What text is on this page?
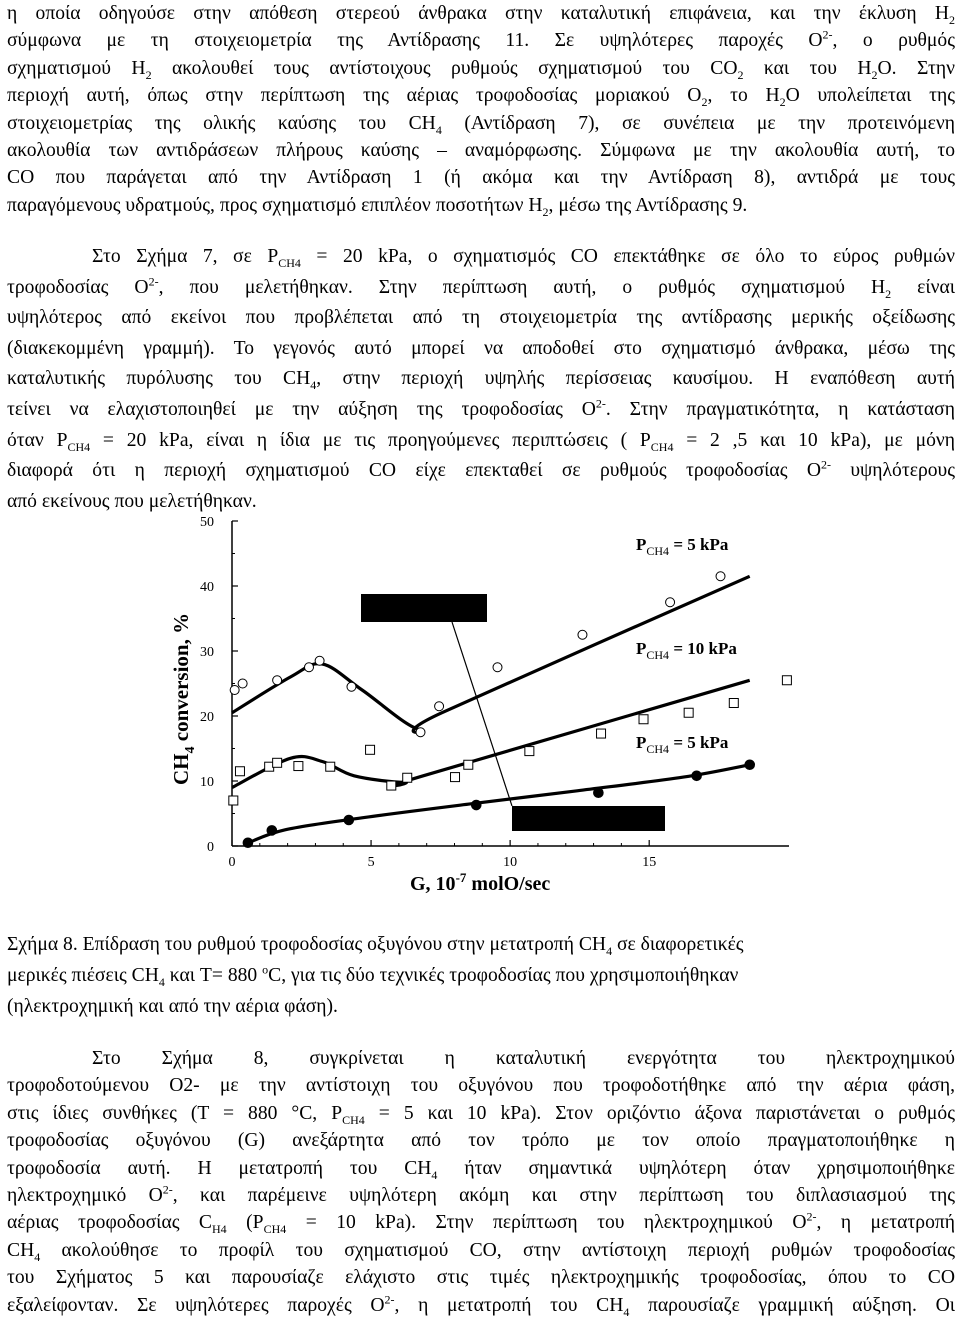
η οποία οδηγούσε στην απόθεση στερεού άνθρακα στην καταλυτική επιφάνεια, και την έκλυση $H_2$
σύμφωνα με τη στοιχειομετρία της Αντίδρασης 11. Σε υψηλότερες παροχές $O^{2-}$, ο ρυθμός
σχηματισμού $H_2$ ακολουθεί τους αντίστοιχους ρυθμούς σχηματισμού του $CO_2$ και του $H_2O$. Στην
περιοχή αυτή, όπως στην περίπτωση της αέριας τροφοδοσίας μοριακού $O_2$, το $H_2O$ υπολείπεται της
στοιχειομετρίας της ολικής καύσης του $CH_4$ (Αντίδραση 7), σε συνέπεια με την προτεινόμενη
ακολουθία των αντιδράσεων πλήρους καύσης – αναμόρφωσης. Σύμφωνα με την ακολουθία αυτή, το
CO που παράγεται από την Αντίδραση 1 (ή ακόμα και την Αντίδραση 8), αντιδρά με τους
παραγόμενους υδρατμούς, προς σχηματισμό επιπλέον ποσοτήτων $H_2$, μέσω της Αντίδρασης 9.
Στο Σχήμα 7, σε $P_{CH4} = 20$ kPa, ο σχηματισμός CO επεκτάθηκε σε όλο το εύρος ρυθμών
τροφοδοσίας $O^{2-}$, που μελετήθηκαν. Στην περίπτωση αυτή, ο ρυθμός σχηματισμού $H_2$ είναι
υψηλότερος από εκείνοι που προβλέπεται από τη στοιχειομετρία της αντίδρασης μερικής οξείδωσης
(διακεκομμένη γραμμή). Το γεγονός αυτό μπορεί να αποδοθεί στο σχηματισμό άνθρακα, μέσω της
καταλυτικής πυρόλυσης του $CH_4$, στην περιοχή υψηλής περίσσειας καυσίμου. Η εναπόθεση αυτή
τείνει να ελαχιστοποιηθεί με την αύξηση της τροφοδοσίας $O^{2-}$. Στην πραγματικότητα, η κατάσταση
όταν $P_{CH4} = 20$ kPa, είναι η ίδια με τις προηγούμενες περιπτώσεις ( $P_{CH4} = 2$ ,5 και 10 kPa), με μόνη
διαφορά ότι η περιοχή σχηματισμού CO είχε επεκταθεί σε ρυθμούς τροφοδοσίας $O^{2-}$ υψηλότερους
από εκείνους που μελετήθηκαν.
0	5	10	15
0
10
20
30
40
50
$P_{CH4} = 5$ kPa
$P_{CH4} = 10$ kPa
$P_{CH4} = 5$ kPa
G, $10^{-7}$ molO/sec
$CH_4$ conversion, %
Σχήμα 8. Επίδραση του ρυθμού τροφοδοσίας οξυγόνου στην μετατροπή $CH_4$ σε διαφορετικές
μερικές πιέσεις $CH_4$ και T= 880 $^o$C, για τις δύο τεχνικές τροφοδοσίας που χρησιμοποιήθηκαν
(ηλεκτροχημική και από την αέρια φάση).
Στο Σχήμα 8, συγκρίνεται η καταλυτική ενεργότητα του ηλεκτροχημικού
τροφοδοτούμενου O2- με την αντίστοιχη του οξυγόνου που τροφοδοτήθηκε από την αέρια φάση,
στις ίδιες συνθήκες (T = 880 °C, $P_{CH4} = 5$ και 10 kPa). Στον οριζόντιο άξονα παριστάνεται ο ρυθμός
τροφοδοσίας οξυγόνου (G) ανεξάρτητα από τον τρόπο με τον οποίο πραγματοποιήθηκε η
τροφοδοσία αυτή. Η μετατροπή του $CH_4$ ήταν σημαντικά υψηλότερη όταν χρησιμοποιήθηκε
ηλεκτροχημικό $O^{2-}$, και παρέμεινε υψηλότερη ακόμη και στην περίπτωση του διπλασιασμού της
αέριας τροφοδοσίας $C_{H4}$ ($P_{CH4} = 10$ kPa). Στην περίπτωση του ηλεκτροχημικού $O^{2-}$, η μετατροπή
$CH_4$ ακολούθησε το προφίλ του σχηματισμού CO, στην αντίστοιχη περιοχή ρυθμών τροφοδοσίας
του Σχήματος 5 και παρουσίαζε ελάχιστο στις τιμές ηλεκτροχημικής τροφοδοσίας, όπου το CO
εξαλείφονταν. Σε υψηλότερες παροχές $O^{2-}$, η μετατροπή του $CH_4$ παρουσίαζε γραμμική αύξηση. Οι
